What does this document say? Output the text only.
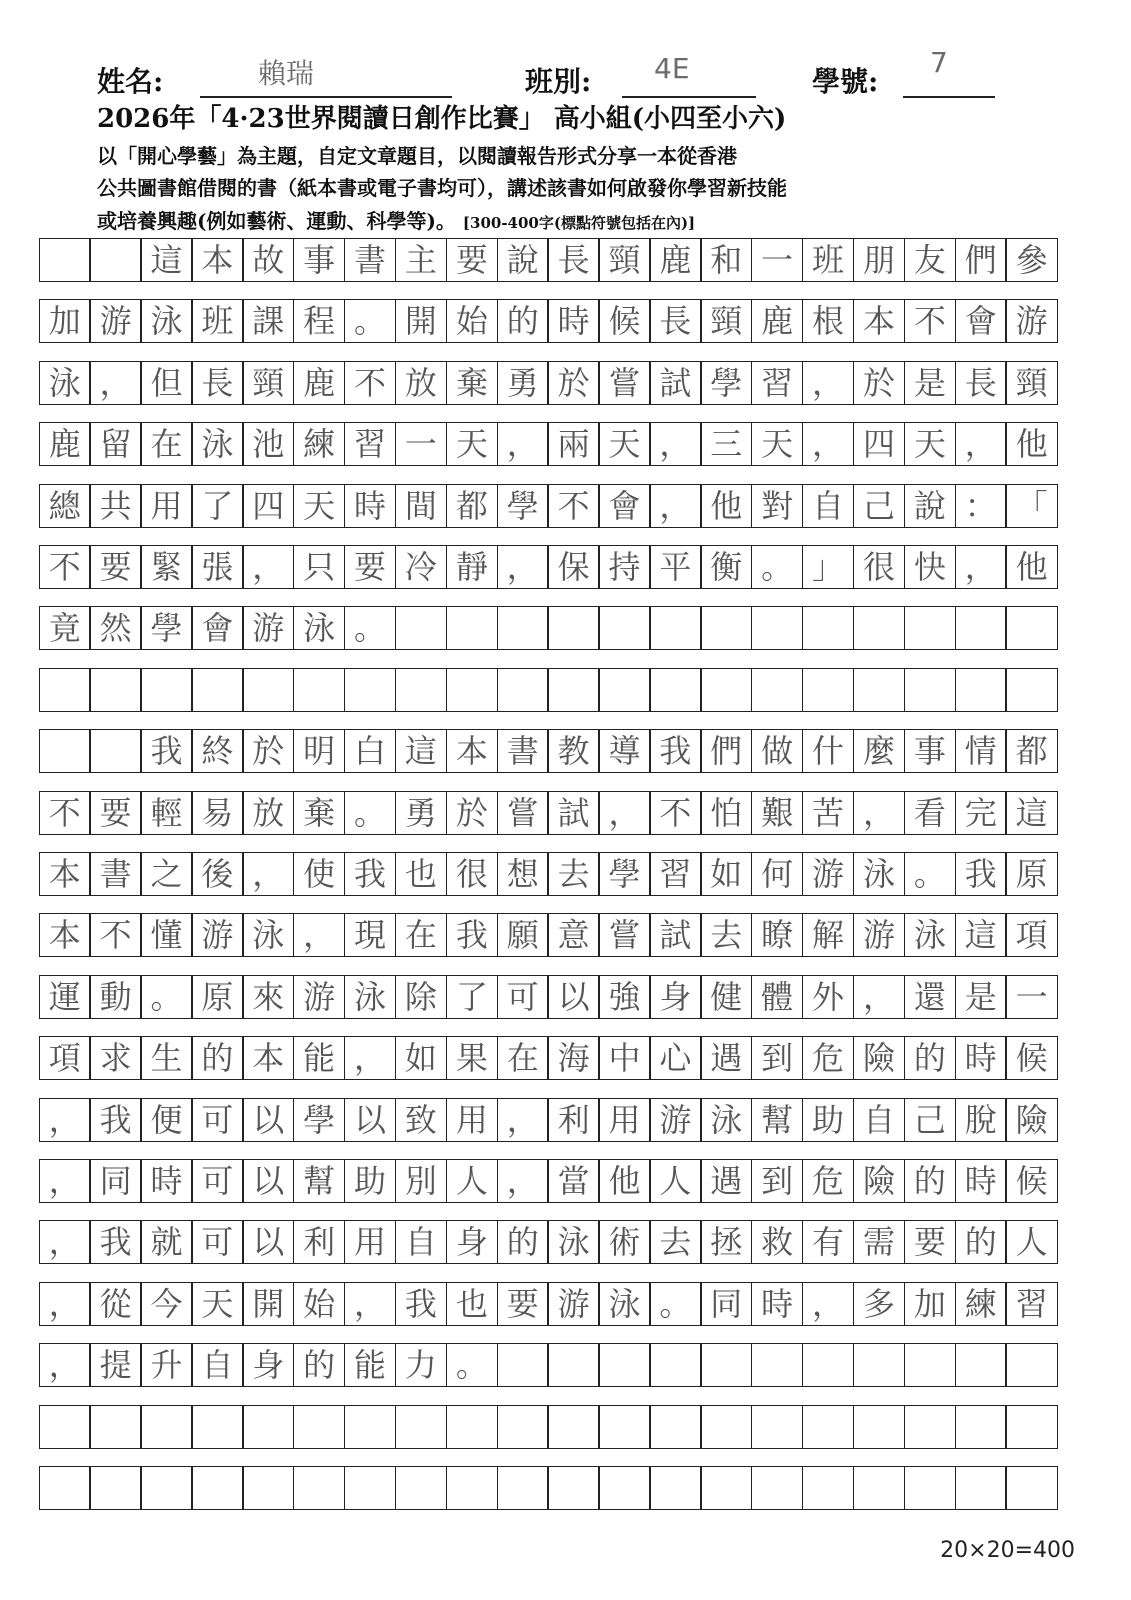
姓名:	賴瑞	班別: 4E	學號:
7
2026年「4·23世界閱讀日創作比賽」 高小組(小四至小六)
以「開心學藝」為主題，自定文章題目，以閱讀報告形式分享一本從香港
公共圖書館借閱的書（紙本書或電子書均可），講述該書如何啟發你學習新技能
或培養興趣(例如藝術、運動、科學等)。 [300-400字(標點符號包括在內)]
這 本 故 事 書 主 要 說 長 頸 鹿 和 一 班 朋 友 們 參
加 游 泳 班 課 程 。 開 始 的 時 候 長 頸 鹿 根 本 不 會 游
泳 ， 但 長 頸 鹿 不 放 棄 勇 於 嘗 試 學 習 ， 於 是 長 頸
鹿 留 在 泳 池 練 習 一 天 ， 兩 天 ， 三 天 ， 四 天 ， 他
總 共 用 了 四 天 時 間 都 學 不 會 ， 他 對 自 己 說 ： 「
不 要 緊 張 ， 只 要 冷 靜 ， 保 持 平 衡 。 」 很 快 ， 他
竟 然 學 會 游 泳 。
我 終 於 明 白 這 本 書 教 導 我 們 做 什 麼 事 情 都
不 要 輕 易 放 棄 。 勇 於 嘗 試 ， 不 怕 艱 苦 ， 看 完 這
本 書 之 後 ， 使 我 也 很 想 去 學 習 如 何 游 泳 。 我 原
本 不 懂 游 泳 ， 現 在 我 願 意 嘗 試 去 瞭 解 游 泳 這 項
運 動 。 原 來 游 泳 除 了 可 以 強 身 健 體 外 ， 還 是 一
項 求 生 的 本 能 ， 如 果 在 海 中 心 遇 到 危 險 的 時 候
， 我 便 可 以 學 以 致 用 ， 利 用 游 泳 幫 助 自 己 脫 險
， 同 時 可 以 幫 助 別 人 ， 當 他 人 遇 到 危 險 的 時 候
， 我 就 可 以 利 用 自 身 的 泳 術 去 拯 救 有 需 要 的 人
， 從 今 天 開 始 ， 我 也 要 游 泳 。 同 時 ， 多 加 練 習
， 提 升 自 身 的 能 力 。
20×20=400
